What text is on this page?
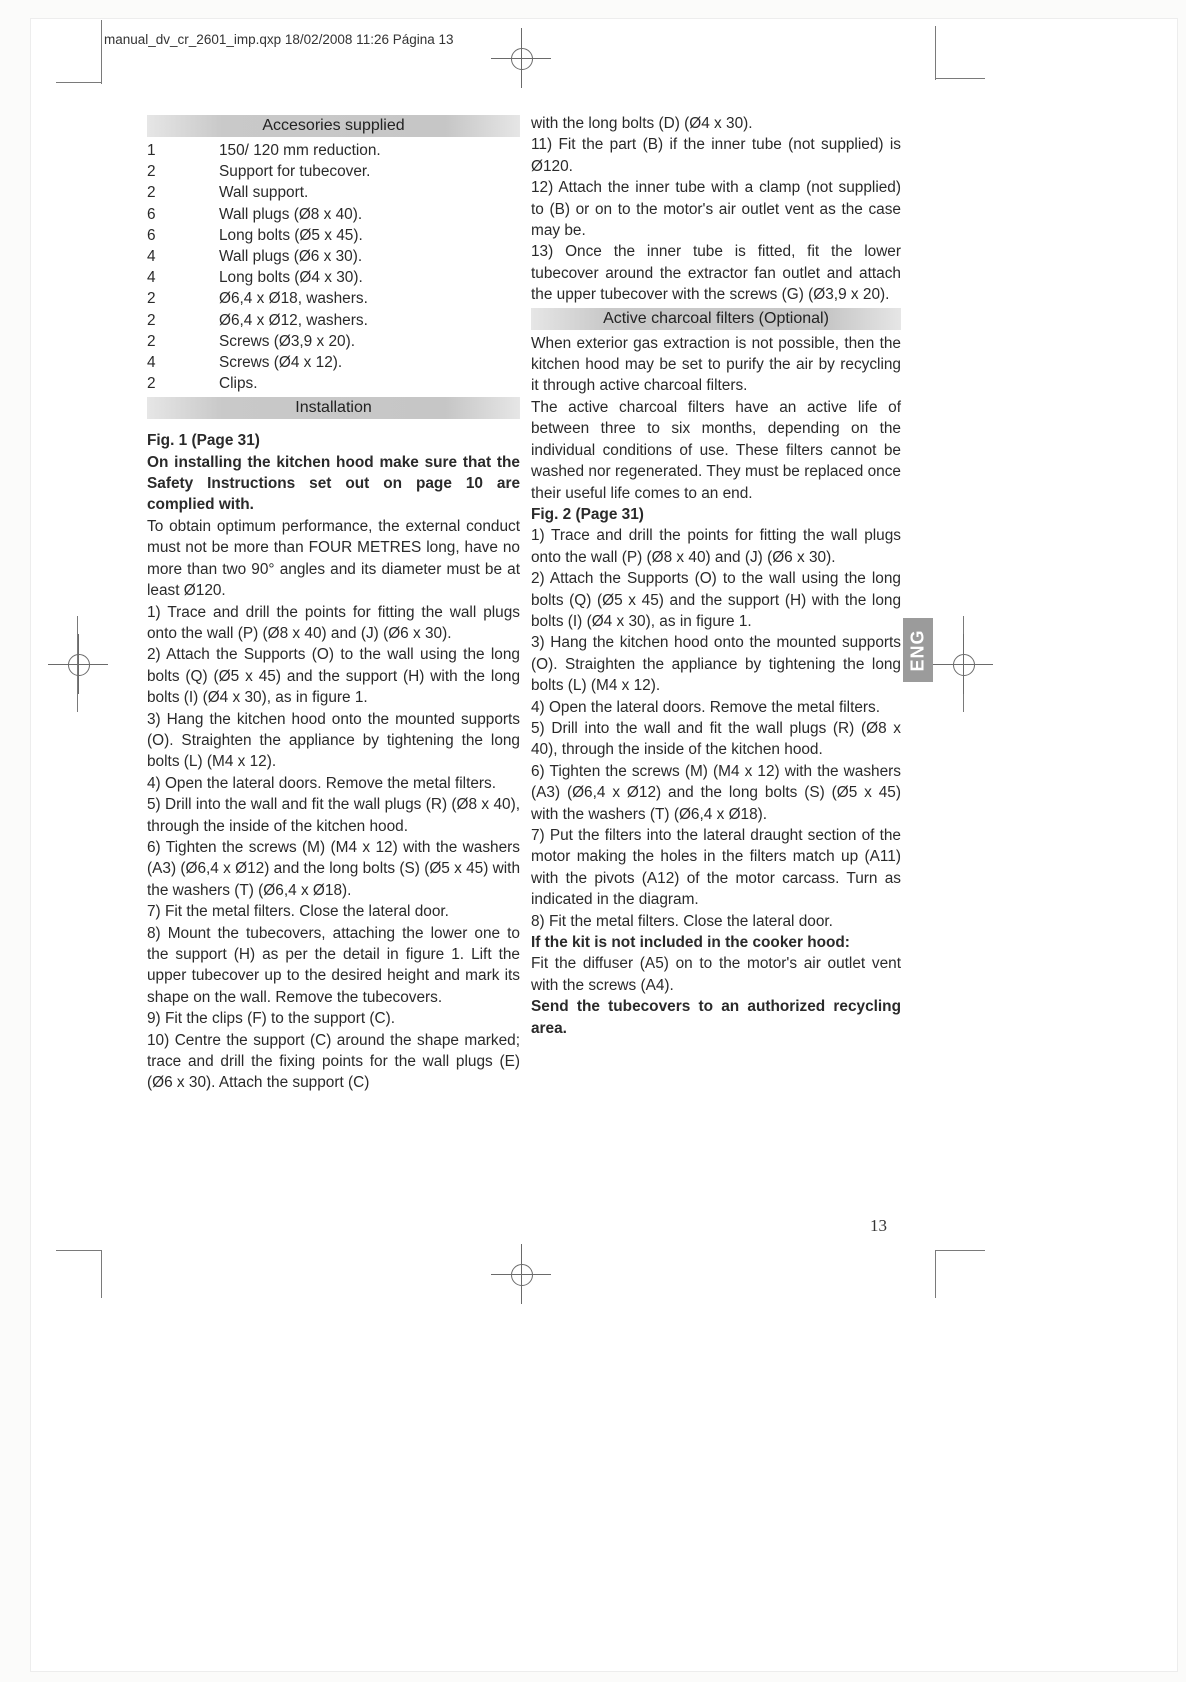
manual_dv_cr_2601_imp.qxp 18/02/2008 11:26 Página 13
Accesories supplied
1	150/ 120 mm reduction.
2	Support for tubecover.
2	Wall support.
6	Wall plugs (Ø8 x 40).
6	Long bolts (Ø5 x 45).
4	Wall plugs (Ø6 x 30).
4	Long bolts (Ø4 x 30).
2	Ø6,4 x Ø18, washers.
2	Ø6,4 x Ø12, washers.
2	Screws (Ø3,9 x 20).
4	Screws (Ø4 x 12).
2	Clips.
Installation

Fig. 1 (Page 31)

On installing the kitchen hood make sure that the Safety Instructions set out on page 10 are complied with.

To obtain optimum performance, the external conduct must not be more than FOUR METRES long, have no more than two 90° angles and its diameter must be at least Ø120.

1) Trace and drill the points for fitting the wall plugs onto the wall (P) (Ø8 x 40) and (J) (Ø6 x 30).

2) Attach the Supports (O) to the wall using the long bolts (Q) (Ø5 x 45) and the support (H) with the long bolts (I) (Ø4 x 30), as in figure 1.

3) Hang the kitchen hood onto the mounted supports (O). Straighten the appliance by tightening the long bolts (L) (M4 x 12).

4) Open the lateral doors. Remove the metal filters.

5) Drill into the wall and fit the wall plugs (R) (Ø8 x 40), through the inside of the kitchen hood.

6) Tighten the screws (M) (M4 x 12) with the washers (A3) (Ø6,4 x Ø12) and the long bolts (S) (Ø5 x 45) with the washers (T) (Ø6,4 x Ø18).

7) Fit the metal filters. Close the lateral door.

8) Mount the tubecovers, attaching the lower one to the support (H) as per the detail in figure 1. Lift the upper tubecover up to the desired height and mark its shape on the wall. Remove the tubecovers.

9) Fit the clips (F) to the support (C).

10) Centre the support (C) around the shape marked; trace and drill the fixing points for the wall plugs (E) (Ø6 x 30). Attach the support (C)

with the long bolts (D) (Ø4 x 30).

11) Fit the part (B) if the inner tube (not supplied) is Ø120.

12) Attach the inner tube with a clamp (not supplied) to (B) or on to the motor's air outlet vent as the case may be.

13) Once the inner tube is fitted, fit the lower tubecover around the extractor fan outlet and attach the upper tubecover with the screws (G) (Ø3,9 x 20).

Active charcoal filters (Optional)

When exterior gas extraction is not possible, then the kitchen hood may be set to purify the air by recycling it through active charcoal filters.

The active charcoal filters have an active life of between three to six months, depending on the individual conditions of use. These filters cannot be washed nor regenerated. They must be replaced once their useful life comes to an end.

Fig. 2 (Page 31)

1) Trace and drill the points for fitting the wall plugs onto the wall (P) (Ø8 x 40) and (J) (Ø6 x 30).

2) Attach the Supports (O) to the wall using the long bolts (Q) (Ø5 x 45) and the support (H) with the long bolts (I) (Ø4 x 30), as in figure 1.

3) Hang the kitchen hood onto the mounted supports (O). Straighten the appliance by tightening the long bolts (L) (M4 x 12).

4) Open the lateral doors. Remove the metal filters.

5) Drill into the wall and fit the wall plugs (R) (Ø8 x 40), through the inside of the kitchen hood.

6) Tighten the screws (M) (M4 x 12) with the washers (A3) (Ø6,4 x Ø12) and the long bolts (S) (Ø5 x 45) with the washers (T) (Ø6,4 x Ø18).

7) Put the filters into the lateral draught section of the motor making the holes in the filters match up (A11) with the pivots (A12) of the motor carcass. Turn as indicated in the diagram.

8) Fit the metal filters. Close the lateral door.

If the kit is not included in the cooker hood:

Fit the diffuser (A5) on to the motor's air outlet vent with the screws (A4).

Send the tubecovers to an authorized recycling area.

ENG
13
